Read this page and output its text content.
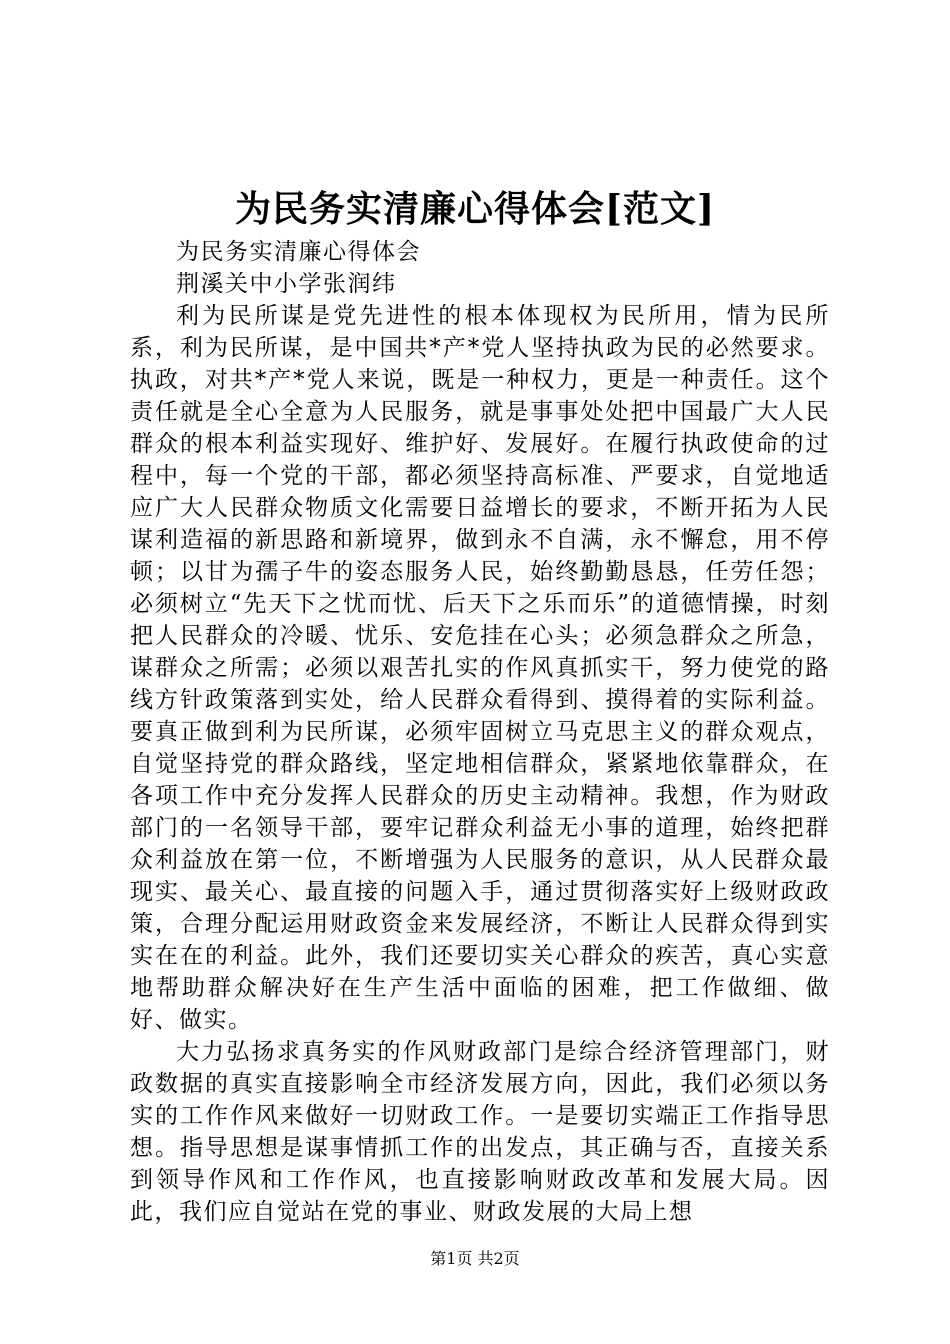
为民务实清廉心得体会[范文]

为民务实清廉心得体会

荆溪关中小学张润纬

利为民所谋是党先进性的根本体现权为民所用，情为民所系，利为民所谋，是中国共*产*党人坚持执政为民的必然要求。执政，对共*产*党人来说，既是一种权力，更是一种责任。这个责任就是全心全意为人民服务，就是事事处处把中国最广大人民群众的根本利益实现好、维护好、发展好。在履行执政使命的过程中，每一个党的干部，都必须坚持高标准、严要求，自觉地适应广大人民群众物质文化需要日益增长的要求，不断开拓为人民谋利造福的新思路和新境界，做到永不自满，永不懈怠，用不停顿；以甘为孺子牛的姿态服务人民，始终勤勤恳恳，任劳任怨；必须树立“先天下之忧而忧、后天下之乐而乐”的道德情操，时刻把人民群众的冷暖、忧乐、安危挂在心头；必须急群众之所急，谋群众之所需；必须以艰苦扎实的作风真抓实干，努力使党的路线方针政策落到实处，给人民群众看得到、摸得着的实际利益。要真正做到利为民所谋，必须牢固树立马克思主义的群众观点，自觉坚持党的群众路线，坚定地相信群众，紧紧地依靠群众，在各项工作中充分发挥人民群众的历史主动精神。我想，作为财政部门的一名领导干部，要牢记群众利益无小事的道理，始终把群众利益放在第一位，不断增强为人民服务的意识，从人民群众最现实、最关心、最直接的问题入手，通过贯彻落实好上级财政政策，合理分配运用财政资金来发展经济，不断让人民群众得到实实在在的利益。此外，我们还要切实关心群众的疾苦，真心实意地帮助群众解决好在生产生活中面临的困难，把工作做细、做好、做实。

大力弘扬求真务实的作风财政部门是综合经济管理部门，财政数据的真实直接影响全市经济发展方向，因此，我们必须以务实的工作作风来做好一切财政工作。一是要切实端正工作指导思想。指导思想是谋事情抓工作的出发点，其正确与否，直接关系到领导作风和工作作风，也直接影响财政改革和发展大局。因此，我们应自觉站在党的事业、财政发展的大局上想

第1页 共2页
